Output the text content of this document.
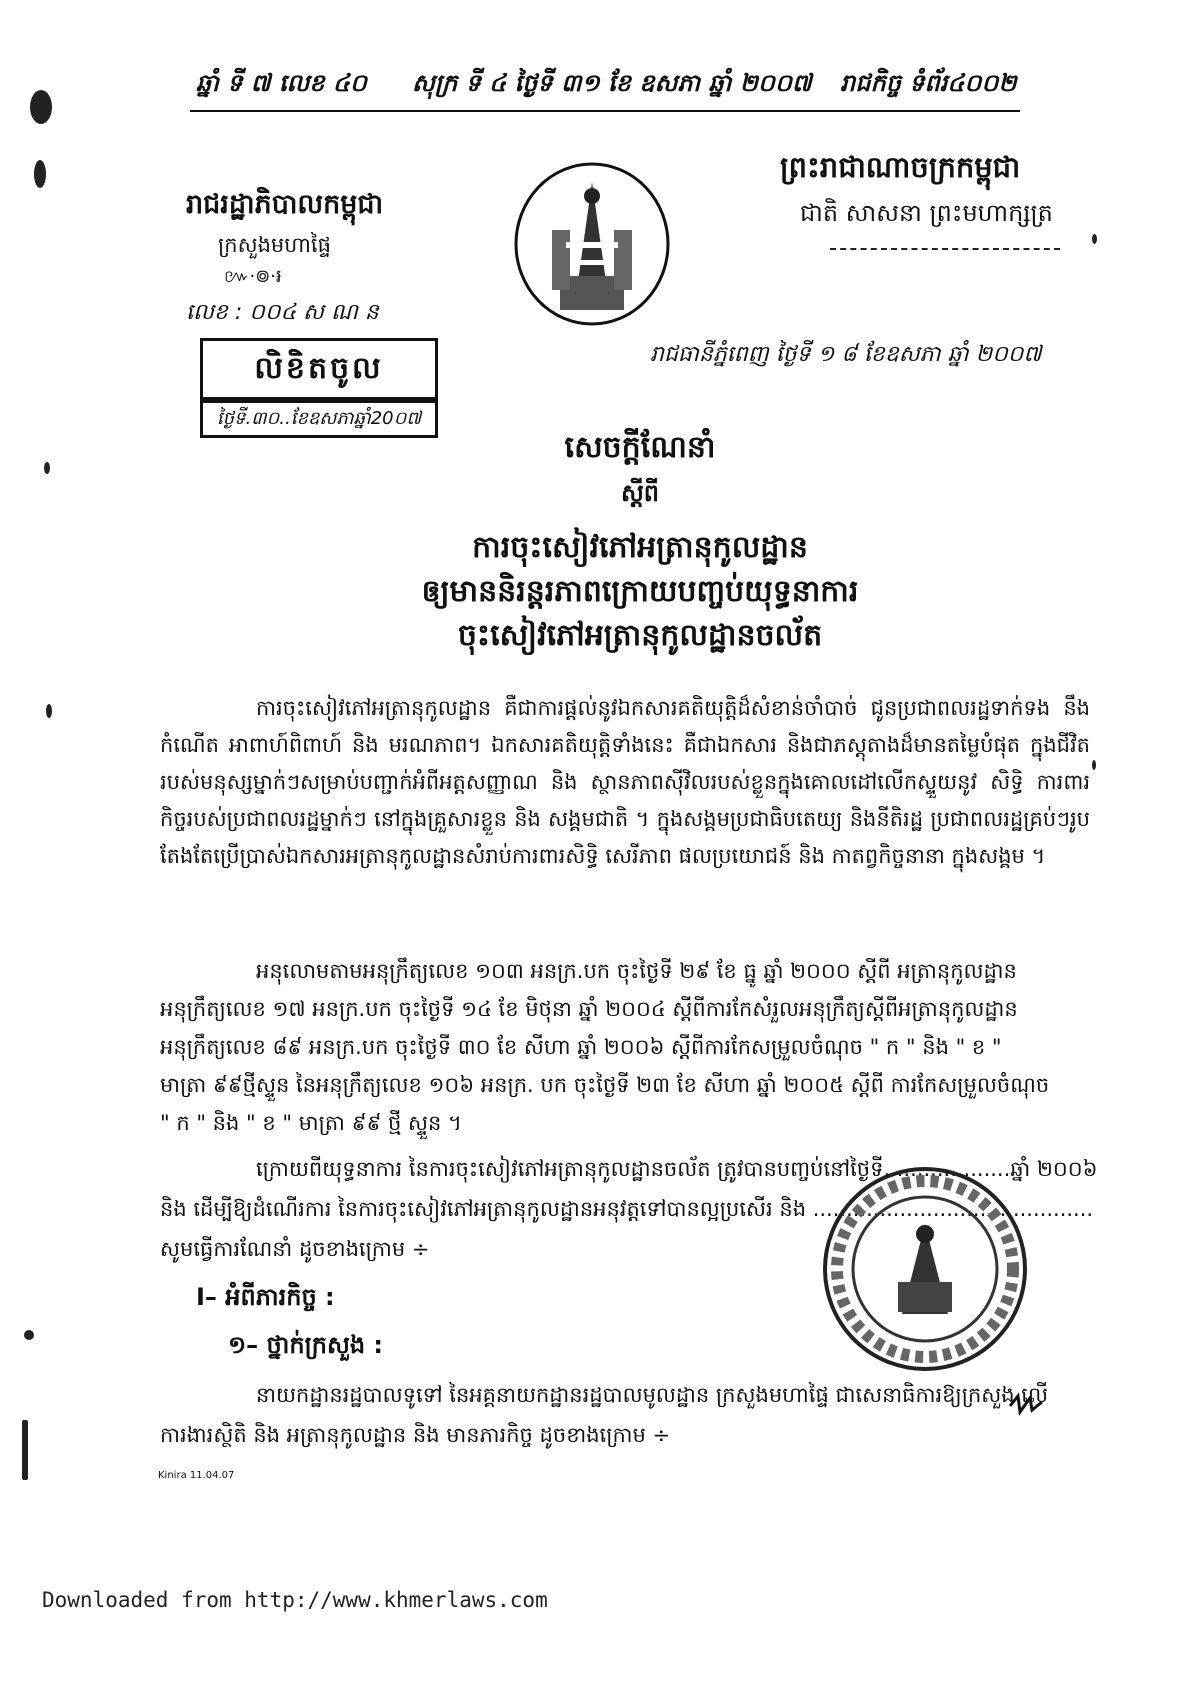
ឆ្នាំ ទី ៧ លេខ ៤០ សុក្រ ទី ៤ ថ្ងៃទី ៣១ ខែ ឧសភា ឆ្នាំ ២០០៧ រាជកិច្ច ទំព័រ៤០០២
ព្រះរាជាណាចក្រកម្ពុជា
ជាតិ សាសនា ព្រះមហាក្សត្រ
រាជរដ្ឋាភិបាលកម្ពុជា
ក្រសួងមហាផ្ទៃ
៚·៙·៛
លេខ : ០០៤ ស ណ ន
លិខិតចូល
ថ្ងៃទី.៣០..ខែឧសភាឆ្នាំ20០៧
រាជធានីភ្នំពេញ ថ្ងៃទី ១ ៨ ខែឧសភា ឆ្នាំ ២០០៧
សេចក្ដីណែនាំ
ស្ដីពី
ការចុះសៀវភៅអត្រានុកូលដ្ឋាន
ឲ្យមាននិរន្តរភាពក្រោយបញ្ចប់យុទ្ធនាការ
ចុះសៀវភៅអត្រានុកូលដ្ឋានចល័ត
ការចុះសៀវភៅអត្រានុកូលដ្ឋាន គឺជាការផ្ដល់នូវឯកសារគតិយុត្តិដ៏សំខាន់ចាំបាច់ ជូនប្រជាពលរដ្ឋទាក់ទង នឹងកំណើត អាពាហ៍ពិពាហ៍ និង មរណភាព។ ឯកសារគតិយុត្តិទាំងនេះ គឺជាឯកសារ និងជាភស្តុតាងដ៏មានតម្លៃបំផុត ក្នុងជីវិតរបស់មនុស្សម្នាក់ៗសម្រាប់បញ្ជាក់អំពីអត្តសញ្ញាណ និង ស្ថានភាពស៊ីវិលរបស់ខ្លួនក្នុងគោលដៅលើកស្ទួយនូវ សិទ្ធិ ការពារកិច្ចរបស់ប្រជាពលរដ្ឋម្នាក់ៗ នៅក្នុងគ្រួសារខ្លួន និង សង្គមជាតិ ។ ក្នុងសង្គមប្រជាធិបតេយ្យ និងនីតិរដ្ឋ ប្រជាពលរដ្ឋគ្រប់ៗរូបតែងតែប្រើប្រាស់ឯកសារអត្រានុកូលដ្ឋានសំរាប់ការពារសិទ្ធិ សេរីភាព ផលប្រយោជន៍ និង កាតព្វកិច្ចនានា ក្នុងសង្គម ។
អនុលោមតាមអនុក្រឹត្យលេខ ១០៣ អនក្រ.បក ចុះថ្ងៃទី ២៩ ខែ ធ្នូ ឆ្នាំ ២០០០ ស្ដីពី អត្រានុកូលដ្ឋាន
អនុក្រឹត្យលេខ ១៧ អនក្រ.បក ចុះថ្ងៃទី ១៤ ខែ មិថុនា ឆ្នាំ ២០០៤ ស្ដីពីការកែសំរួលអនុក្រឹត្យស្ដីពីអត្រានុកូលដ្ឋាន
អនុក្រឹត្យលេខ ៨៩ អនក្រ.បក ចុះថ្ងៃទី ៣០ ខែ សីហា ឆ្នាំ ២០០៦ ស្ដីពីការកែសម្រួលចំណុច " ក " និង " ខ "
មាត្រា ៩៩ថ្មីស្ទួន នៃអនុក្រឹត្យលេខ ១០៦ អនក្រ. បក ចុះថ្ងៃទី ២៣ ខែ សីហា ឆ្នាំ ២០០៥ ស្ដីពី ការកែសម្រួលចំណុច
" ក " និង " ខ " មាត្រា ៩៩ ថ្មី ស្ទួន ។
ក្រោយពីយុទ្ធនាការ នៃការចុះសៀវភៅអត្រានុកូលដ្ឋានចល័ត ត្រូវបានបញ្ចប់នៅថ្ងៃទី...................ឆ្នាំ ២០០៦
និង ដើម្បីឱ្យដំណើរការ នៃការចុះសៀវភៅអត្រានុកូលដ្ឋានអនុវត្តទៅបានល្អប្រសើរ និង ..........................................
សូមធ្វើការណែនាំ ដូចខាងក្រោម ÷
I– អំពីភារកិច្ច :
១– ថ្នាក់ក្រសួង :
នាយកដ្ឋានរដ្ឋបាលទូទៅ នៃអគ្គនាយកដ្ឋានរដ្ឋបាលមូលដ្ឋាន ក្រសួងមហាផ្ទៃ ជាសេនាធិការឱ្យក្រសួង លើ
ការងារស្ថិតិ និង អត្រានុកូលដ្ឋាន និង មានភារកិច្ច ដូចខាងក្រោម ÷
Kinira 11.04.07
Downloaded from http://www.khmerlaws.com
